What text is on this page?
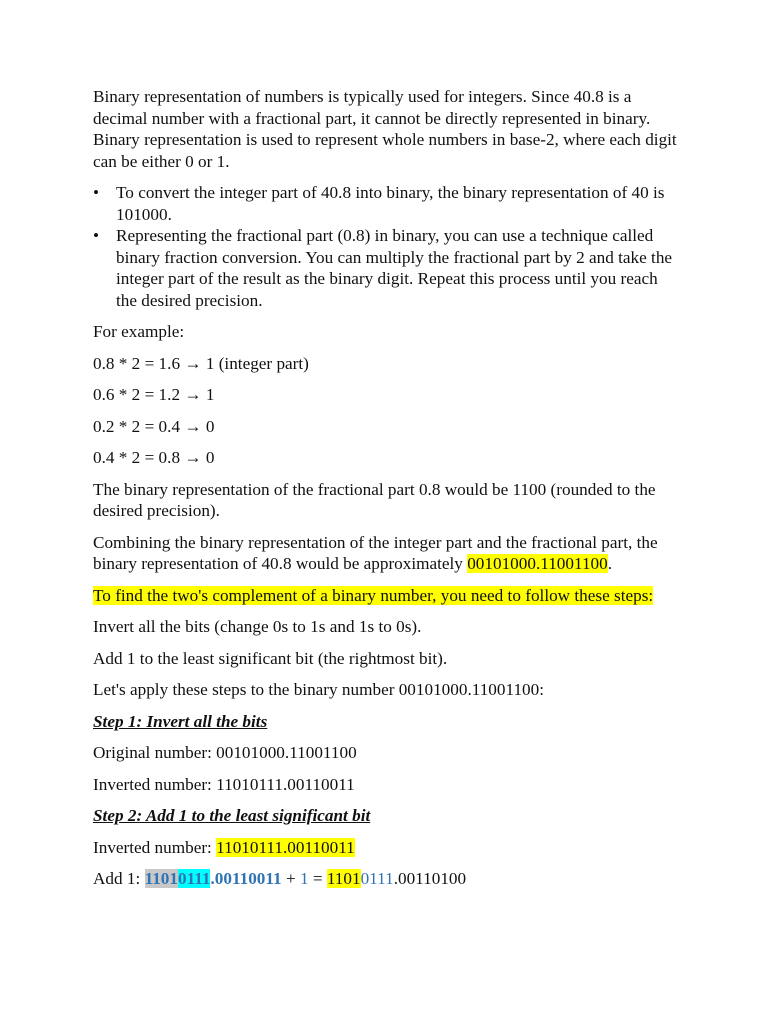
Binary representation of numbers is typically used for integers. Since 40.8 is a decimal number with a fractional part, it cannot be directly represented in binary. Binary representation is used to represent whole numbers in base-2, where each digit can be either 0 or 1.

• To convert the integer part of 40.8 into binary, the binary representation of 40 is 101000.
• Representing the fractional part (0.8) in binary, you can use a technique called binary fraction conversion. You can multiply the fractional part by 2 and take the integer part of the result as the binary digit. Repeat this process until you reach the desired precision.

For example:

0.8 * 2 = 1.6 → 1 (integer part)

0.6 * 2 = 1.2 → 1

0.2 * 2 = 0.4 → 0

0.4 * 2 = 0.8 → 0

The binary representation of the fractional part 0.8 would be 1100 (rounded to the desired precision).

Combining the binary representation of the integer part and the fractional part, the binary representation of 40.8 would be approximately 00101000.11001100.

To find the two's complement of a binary number, you need to follow these steps:

Invert all the bits (change 0s to 1s and 1s to 0s).

Add 1 to the least significant bit (the rightmost bit).

Let's apply these steps to the binary number 00101000.11001100:

Step 1: Invert all the bits

Original number: 00101000.11001100

Inverted number: 11010111.00110011

Step 2: Add 1 to the least significant bit

Inverted number: 11010111.00110011

Add 1: 11010111.00110011 + 1 = 11010111.00110100
